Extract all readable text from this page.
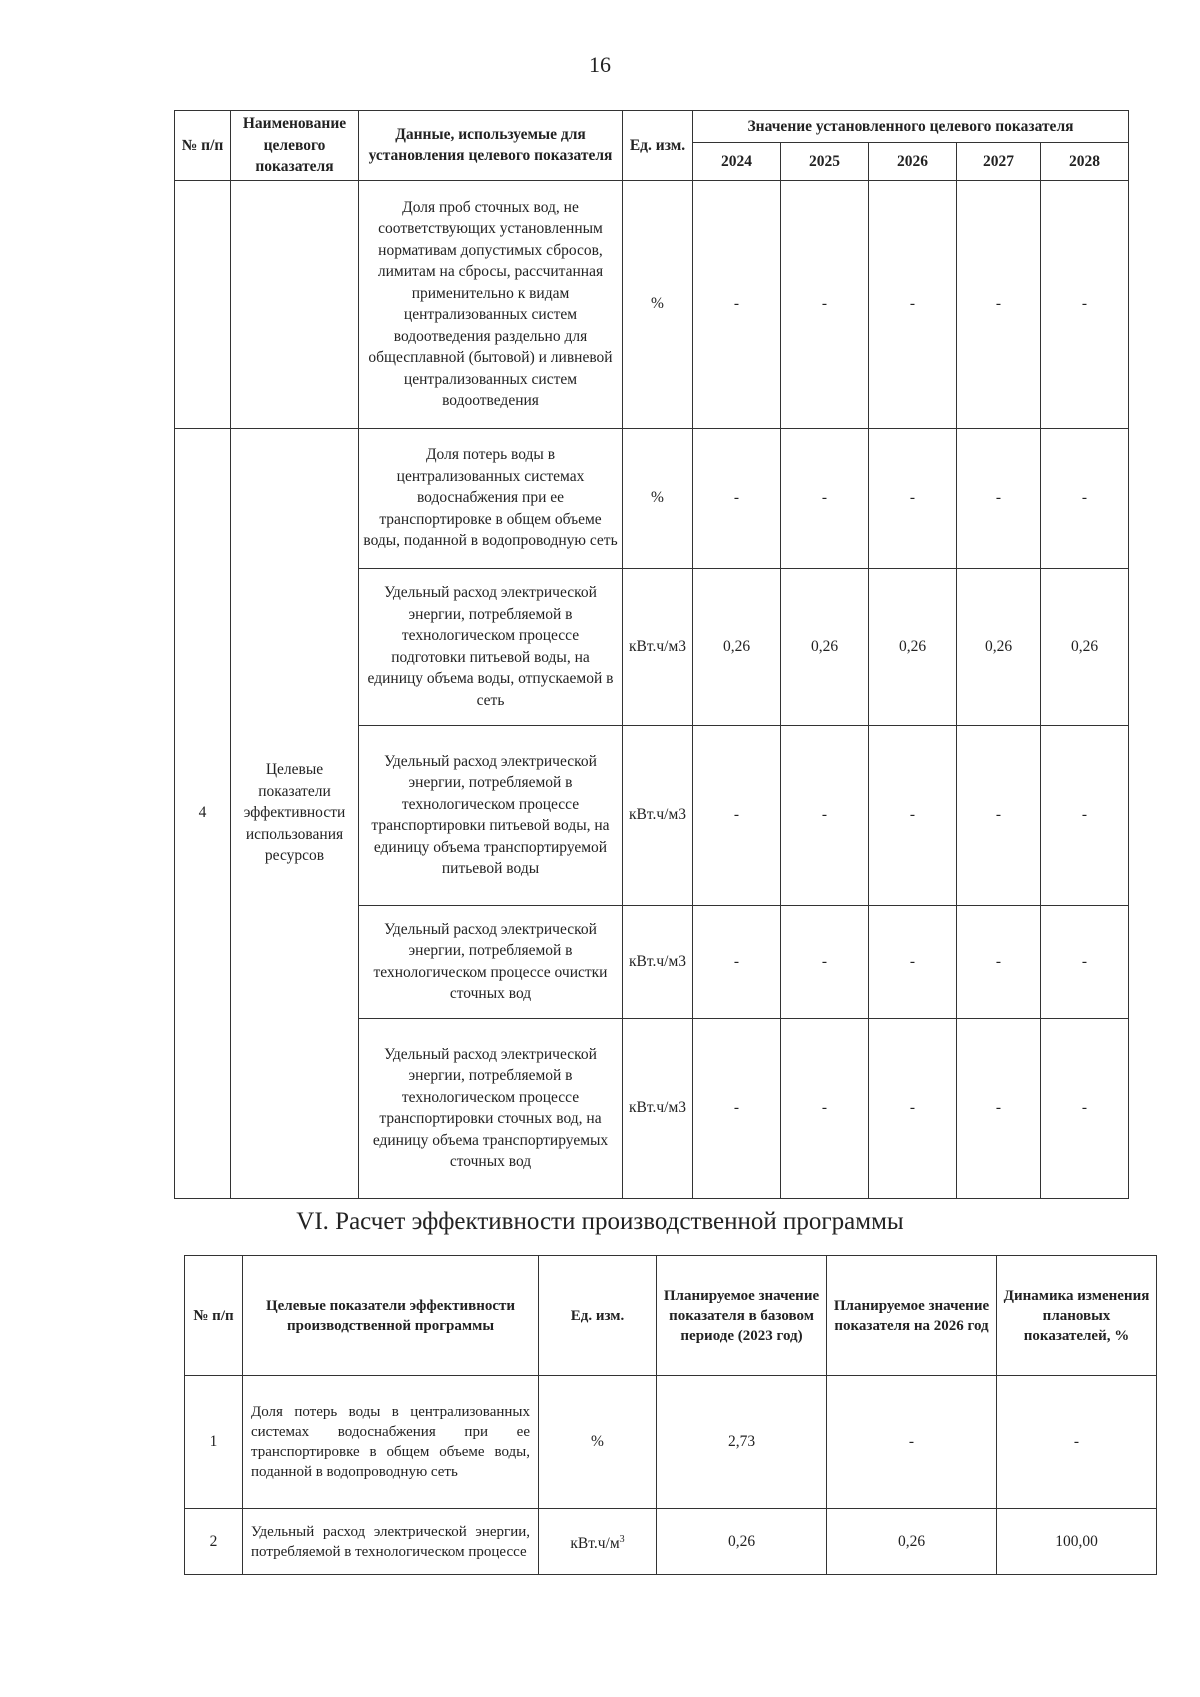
16
№ п/п	Наименование целевого показателя	Данные, используемые для установления целевого показателя	Ед. изм.	Значение установленного целевого показателя				
				2024	2025	2026	2027	2028
		Доля проб сточных вод, не соответствующих установленным нормативам допустимых сбросов, лимитам на сбросы, рассчитанная применительно к видам централизованных систем водоотведения раздельно для общесплавной (бытовой) и ливневой централизованных систем водоотведения	%	-	-	-	-	-
4	Целевые показатели эффективности использования ресурсов	Доля потерь воды в централизованных системах водоснабжения при ее транспортировке в общем объеме воды, поданной в водопроводную сеть	%	-	-	-	-	-
		Удельный расход электрической энергии, потребляемой в технологическом процессе подготовки питьевой воды, на единицу объема воды, отпускаемой в сеть	кВт.ч/м3	0,26	0,26	0,26	0,26	0,26
		Удельный расход электрической энергии, потребляемой в технологическом процессе транспортировки питьевой воды, на единицу объема транспортируемой питьевой воды	кВт.ч/м3	-	-	-	-	-
		Удельный расход электрической энергии, потребляемой в технологическом процессе очистки сточных вод	кВт.ч/м3	-	-	-	-	-
		Удельный расход электрической энергии, потребляемой в технологическом процессе транспортировки сточных вод, на единицу объема транспортируемых сточных вод	кВт.ч/м3	-	-	-	-	-
VI. Расчет эффективности производственной программы
№ п/п	Целевые показатели эффективности производственной программы	Ед. изм.	Планируемое значение показателя в базовом периоде (2023 год)	Планируемое значение показателя на 2026 год	Динамика изменения плановых показателей, %
1	Доля потерь воды в централизованных системах водоснабжения при ее транспортировке в общем объеме воды, поданной в водопроводную сеть	%	2,73	-	-
2	Удельный расход электрической энергии, потребляемой в технологическом процессе	$кВт.ч/м^3$	0,26	0,26	100,00
